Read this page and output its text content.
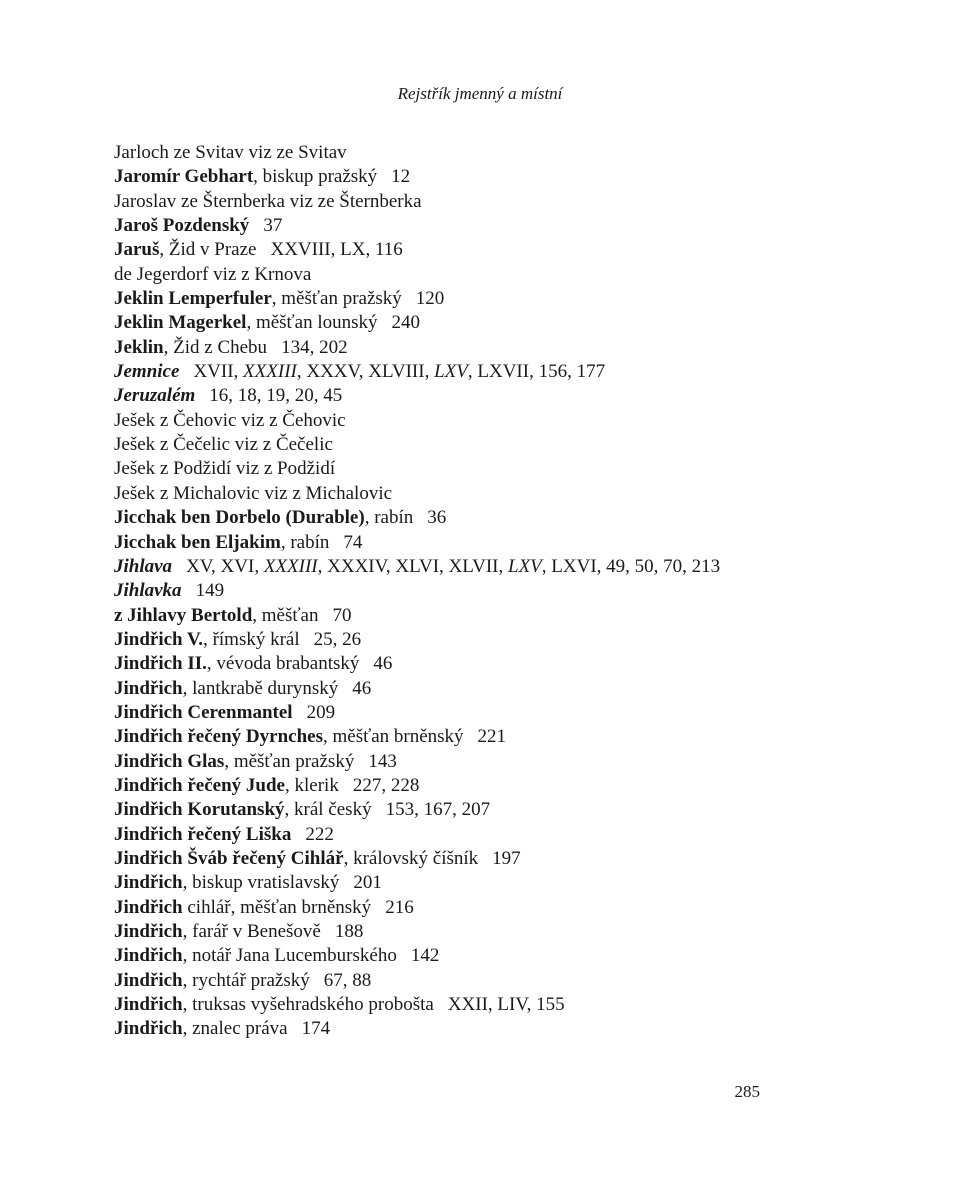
Rejstřík jmenný a místní
Jarloch ze Svitav viz ze Svitav
Jaromír Gebhart, biskup pražský 12
Jaroslav ze Šternberka viz ze Šternberka
Jaroš Pozdenský 37
Jaruš, Žid v Praze XXVIII, LX, 116
de Jegerdorf viz z Krnova
Jeklin Lemperfuler, měšťan pražský 120
Jeklin Magerkel, měšťan lounský 240
Jeklin, Žid z Chebu 134, 202
Jemnice XVII, XXXIII, XXXV, XLVIII, LXV, LXVII, 156, 177
Jeruzalém 16, 18, 19, 20, 45
Ješek z Čehovic viz z Čehovic
Ješek z Čečelic viz z Čečelic
Ješek z Podžidí viz z Podžidí
Ješek z Michalovic viz z Michalovic
Jicchak ben Dorbelo (Durable), rabín 36
Jicchak ben Eljakim, rabín 74
Jihlava XV, XVI, XXXIII, XXXIV, XLVI, XLVII, LXV, LXVI, 49, 50, 70, 213
Jihlavka 149
z Jihlavy Bertold, měšťan 70
Jindřich V., římský král 25, 26
Jindřich II., vévoda brabantský 46
Jindřich, lantkrabě durynský 46
Jindřich Cerenmantel 209
Jindřich řečený Dyrnches, měšťan brněnský 221
Jindřich Glas, měšťan pražský 143
Jindřich řečený Jude, klerik 227, 228
Jindřich Korutanský, král český 153, 167, 207
Jindřich řečený Liška 222
Jindřich Šváb řečený Cihlář, královský číšník 197
Jindřich, biskup vratislavský 201
Jindřich cihlář, měšťan brněnský 216
Jindřich, farář v Benešově 188
Jindřich, notář Jana Lucemburského 142
Jindřich, rychtář pražský 67, 88
Jindřich, truksas vyšehradského probošta XXII, LIV, 155
Jindřich, znalec práva 174
285
